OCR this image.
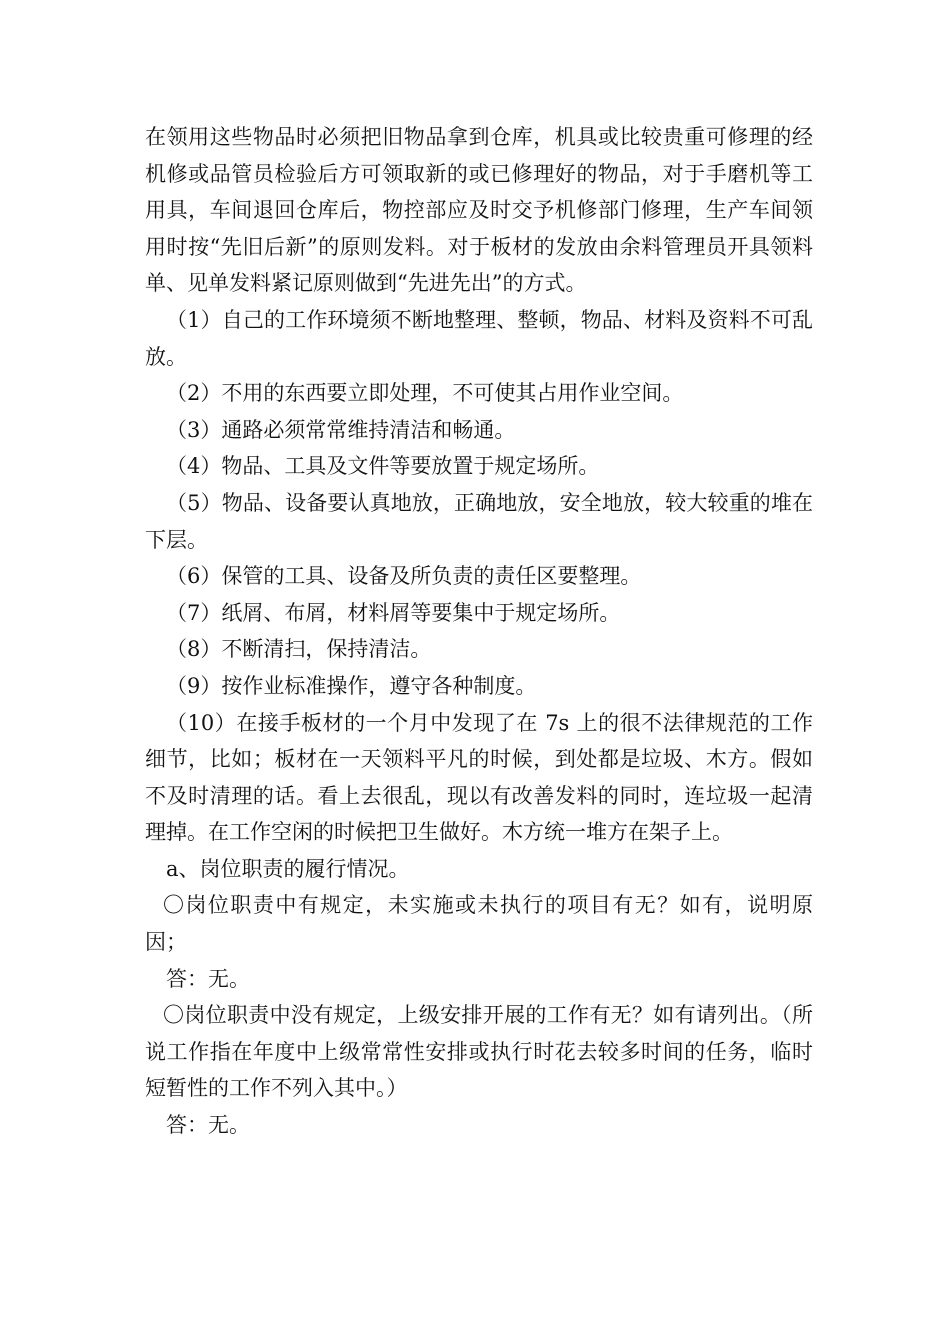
在领用这些物品时必须把旧物品拿到仓库，机具或比较贵重可修理的经机修或品管员检验后方可领取新的或已修理好的物品，对于手磨机等工用具，车间退回仓库后，物控部应及时交予机修部门修理，生产车间领用时按“先旧后新”的原则发料。对于板材的发放由余料管理员开具领料单、见单发料紧记原则做到“先进先出”的方式。

（1）自己的工作环境须不断地整理、整顿，物品、材料及资料不可乱放。

（2）不用的东西要立即处理，不可使其占用作业空间。

（3）通路必须常常维持清洁和畅通。

（4）物品、工具及文件等要放置于规定场所。

（5）物品、设备要认真地放，正确地放，安全地放，较大较重的堆在下层。

（6）保管的工具、设备及所负责的责任区要整理。

（7）纸屑、布屑，材料屑等要集中于规定场所。

（8）不断清扫，保持清洁。

（9）按作业标准操作，遵守各种制度。

（10）在接手板材的一个月中发现了在 7s 上的很不法律规范的工作细节，比如；板材在一天领料平凡的时候，到处都是垃圾、木方。假如不及时清理的话。看上去很乱，现以有改善发料的同时，连垃圾一起清理掉。在工作空闲的时候把卫生做好。木方统一堆方在架子上。

a、岗位职责的履行情况。

〇岗位职责中有规定，未实施或未执行的项目有无？如有，说明原因；

答：无。

〇岗位职责中没有规定，上级安排开展的工作有无？如有请列出。（所说工作指在年度中上级常常性安排或执行时花去较多时间的任务，临时短暂性的工作不列入其中。）

答：无。
